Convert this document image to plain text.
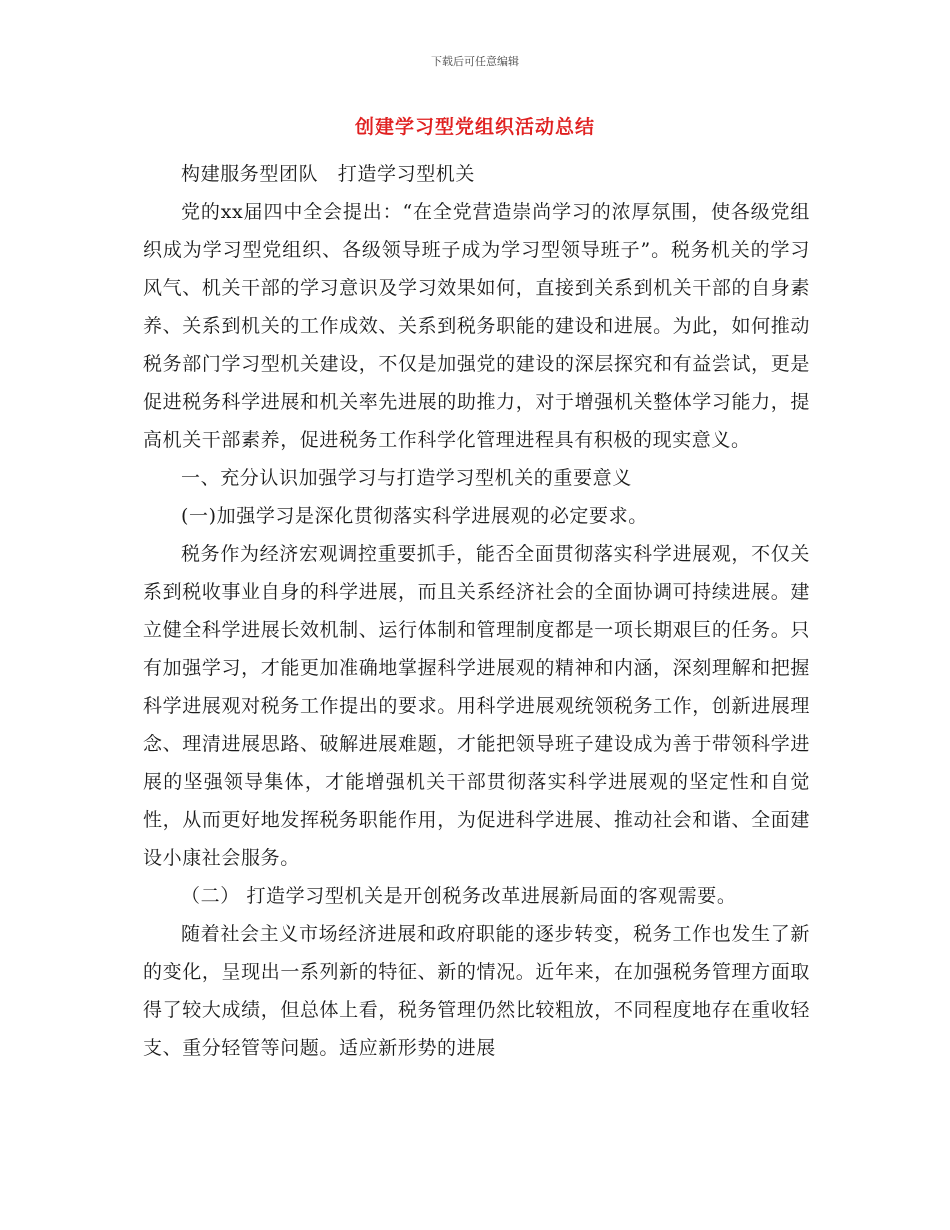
下载后可任意编辑
创建学习型党组织活动总结

构建服务型团队　打造学习型机关

党的xx届四中全会提出：“在全党营造崇尚学习的浓厚氛围，使各级党组织成为学习型党组织、各级领导班子成为学习型领导班子”。税务机关的学习风气、机关干部的学习意识及学习效果如何，直接到关系到机关干部的自身素养、关系到机关的工作成效、关系到税务职能的建设和进展。为此，如何推动税务部门学习型机关建设，不仅是加强党的建设的深层探究和有益尝试，更是促进税务科学进展和机关率先进展的助推力，对于增强机关整体学习能力，提高机关干部素养，促进税务工作科学化管理进程具有积极的现实意义。

一、充分认识加强学习与打造学习型机关的重要意义

(一)加强学习是深化贯彻落实科学进展观的必定要求。

税务作为经济宏观调控重要抓手，能否全面贯彻落实科学进展观，不仅关系到税收事业自身的科学进展，而且关系经济社会的全面协调可持续进展。建立健全科学进展长效机制、运行体制和管理制度都是一项长期艰巨的任务。只有加强学习，才能更加准确地掌握科学进展观的精神和内涵，深刻理解和把握科学进展观对税务工作提出的要求。用科学进展观统领税务工作，创新进展理念、理清进展思路、破解进展难题，才能把领导班子建设成为善于带领科学进展的坚强领导集体，才能增强机关干部贯彻落实科学进展观的坚定性和自觉性，从而更好地发挥税务职能作用，为促进科学进展、推动社会和谐、全面建设小康社会服务。

（二） 打造学习型机关是开创税务改革进展新局面的客观需要。

随着社会主义市场经济进展和政府职能的逐步转变，税务工作也发生了新的变化，呈现出一系列新的特征、新的情况。近年来，在加强税务管理方面取得了较大成绩，但总体上看，税务管理仍然比较粗放，不同程度地存在重收轻支、重分轻管等问题。适应新形势的进展
